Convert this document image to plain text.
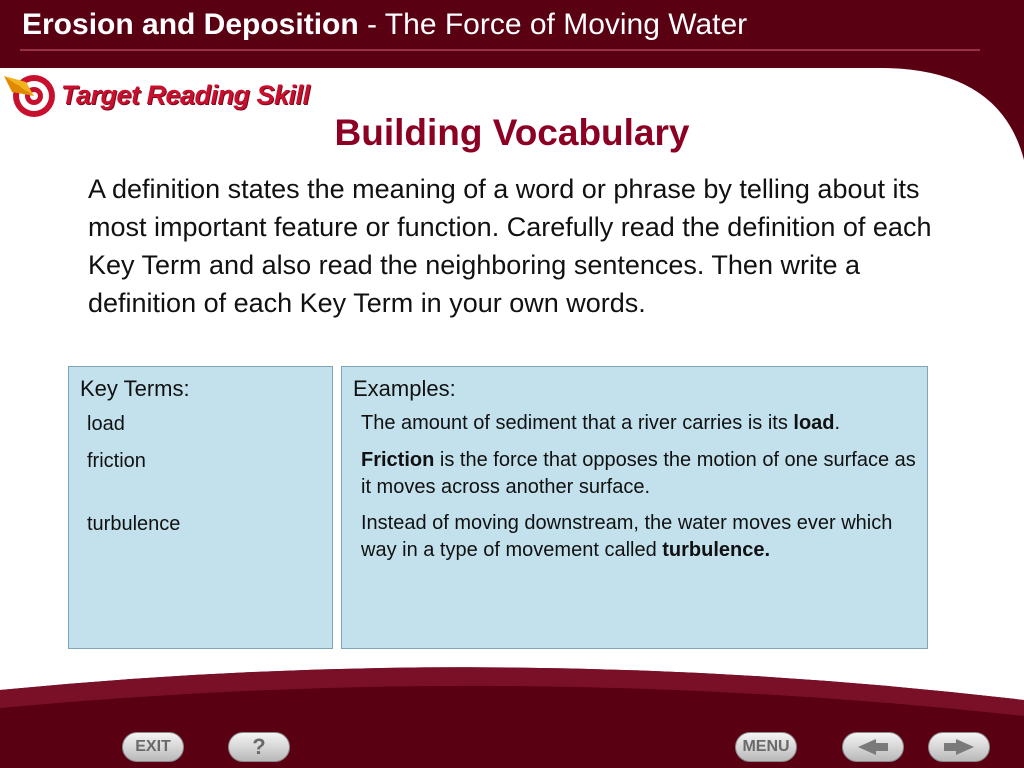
Erosion and Deposition - The Force of Moving Water
Target Reading Skill
Building Vocabulary
A definition states the meaning of a word or phrase by telling about its most important feature or function. Carefully read the definition of each Key Term and also read the neighboring sentences. Then write a definition of each Key Term in your own words.
Key Terms:
load
friction
turbulence
Examples:
The amount of sediment that a river carries is its load.
Friction is the force that opposes the motion of one surface as it moves across another surface.
Instead of moving downstream, the water moves ever which way in a type of movement called turbulence.
EXIT	?	MENU
